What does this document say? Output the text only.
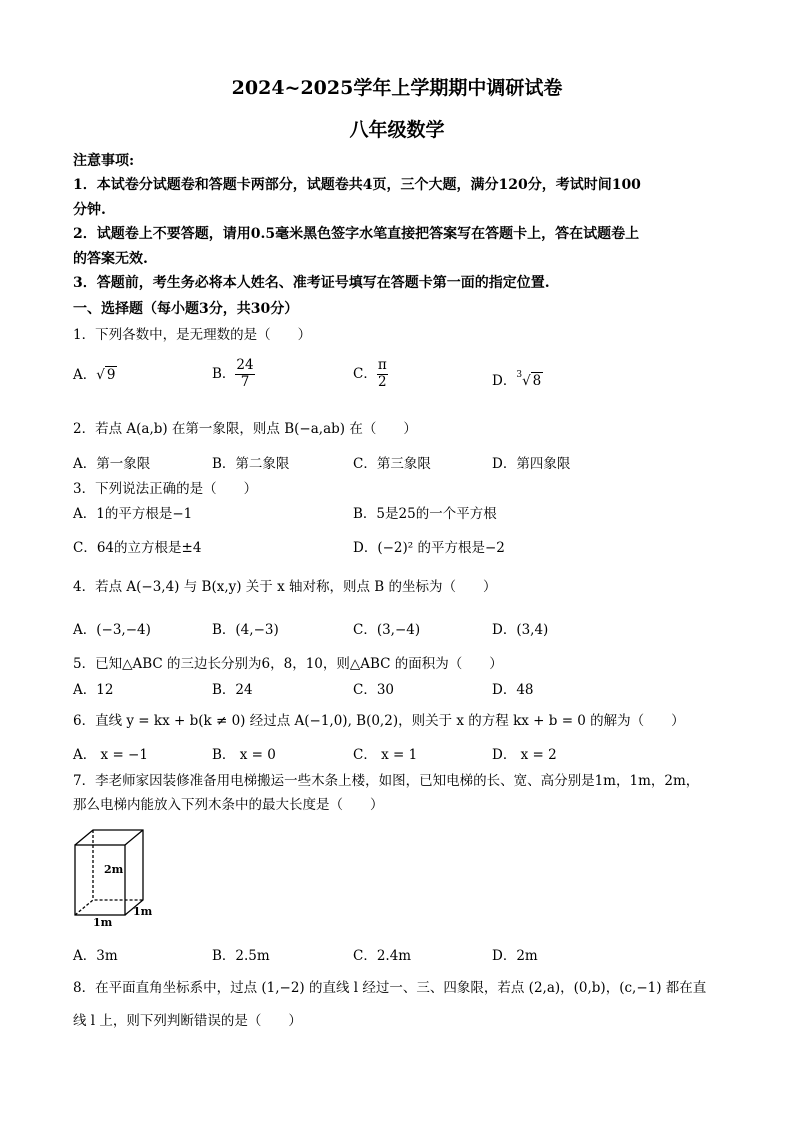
2024~2025学年上学期期中调研试卷
八年级数学
注意事项:
1．本试卷分试题卷和答题卡两部分，试题卷共4页，三个大题，满分120分，考试时间100
分钟.
2．试题卷上不要答题，请用0.5毫米黑色签字水笔直接把答案写在答题卡上，答在试题卷上
的答案无效.
3．答题前，考生务必将本人姓名、准考证号填写在答题卡第一面的指定位置.
一、选择题（每小题3分，共30分）
1．下列各数中，是无理数的是（　　）
A．√ 9	B． $\frac{24}{7}$	C． $\frac{\pi}{2}$	D．$^3$√ 8
2．若点 A(a,b) 在第一象限，则点 B(−a,ab) 在（　　）
A．第一象限	B．第二象限	C．第三象限	D．第四象限
3．下列说法正确的是（　　）
A．1的平方根是−1	B．5是25的一个平方根
C．64的立方根是±4	D．(−2)² 的平方根是−2
4．若点 A(−3,4) 与 B(x,y) 关于 x 轴对称，则点 B 的坐标为（　　）
A．(−3,−4)	B．(4,−3)	C．(3,−4)	D．(3,4)
5．已知△ABC 的三边长分别为6，8，10，则△ABC 的面积为（　　）
A．12	B．24	C．30	D．48
6．直线 y = kx + b(k ≠ 0) 经过点 A(−1,0), B(0,2)，则关于 x 的方程 kx + b = 0 的解为（　　）
A． x = −1	B． x = 0	C． x = 1	D． x = 2
7．李老师家因装修准备用电梯搬运一些木条上楼，如图，已知电梯的长、宽、高分别是1m，1m，2m，
那么电梯内能放入下列木条中的最大长度是（　　）
2m
1m
1m
A．3m	B．2.5m	C．2.4m	D．2m
8．在平面直角坐标系中，过点 (1,−2) 的直线 l 经过一、三、四象限，若点 (2,a)，(0,b)，(c,−1) 都在直
线 l 上，则下列判断错误的是（　　）
